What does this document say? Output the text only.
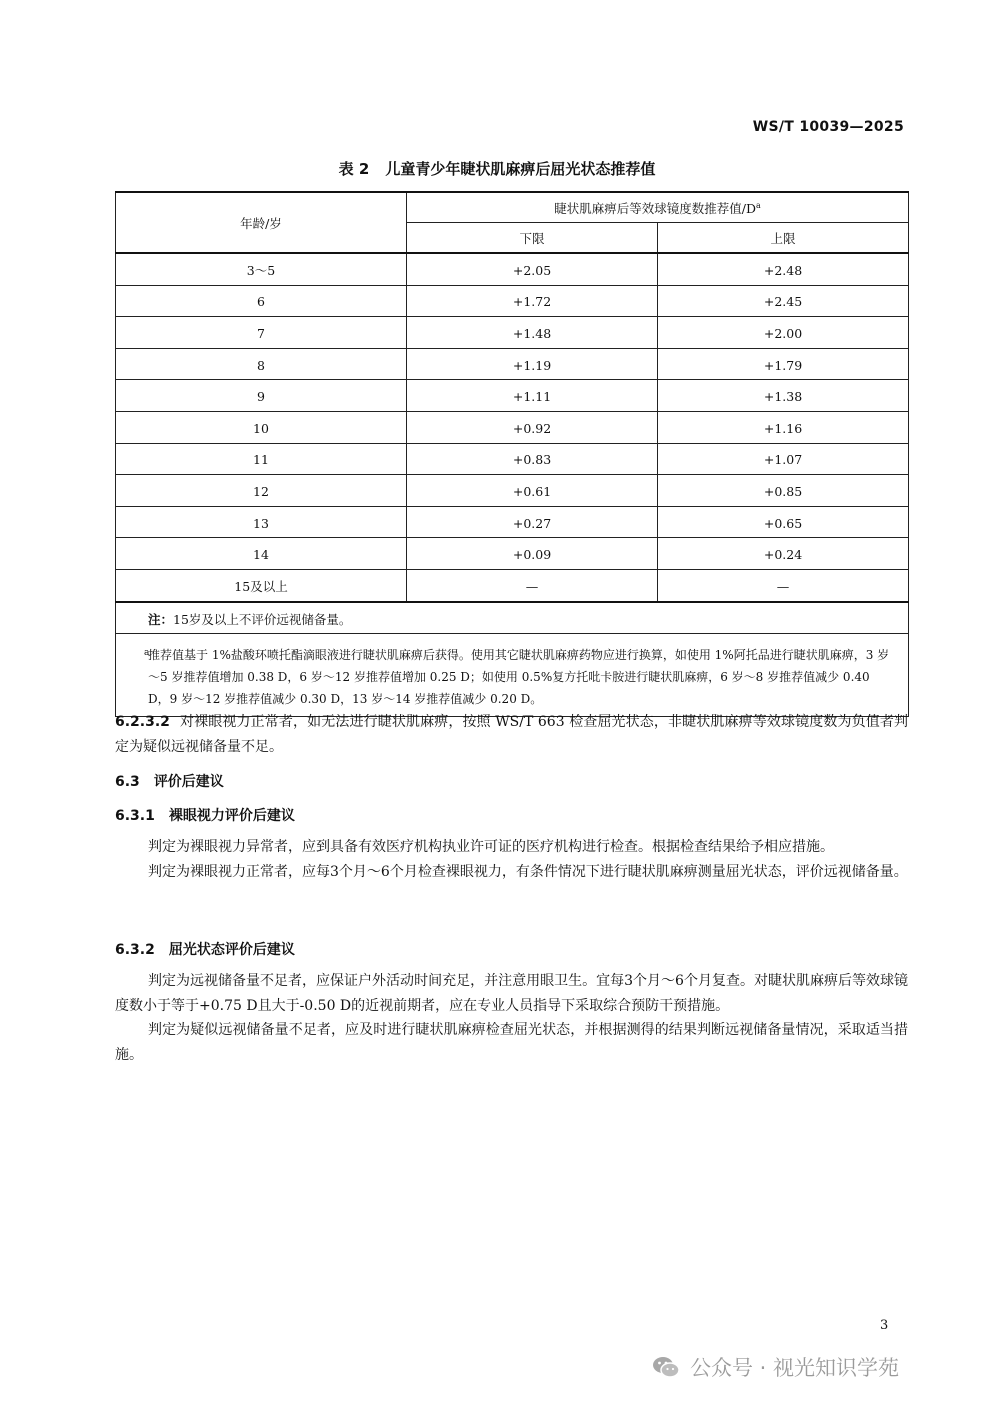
WS/T 10039—2025
表 2 儿童青少年睫状肌麻痹后屈光状态推荐值
年龄/岁	睫状肌麻痹后等效球镜度数推荐值$/D^a$
	下限	上限
3～5	+2.05	+2.48
6	+1.72	+2.45
7	+1.48	+2.00
8	+1.19	+1.79
9	+1.11	+1.38
10	+0.92	+1.16
11	+0.83	+1.07
12	+0.61	+0.85
13	+0.27	+0.65
14	+0.09	+0.24
15及以上	—	—
注：15岁及以上不评价远视储备量。		

a
推荐值基于 1%盐酸环喷托酯滴眼液进行睫状肌麻痹后获得。使用其它睫状肌麻痹药物应进行换算，如使用 1%阿托品进行睫状肌麻痹，3 岁～5 岁推荐值增加 0.38 D，6 岁～12 岁推荐值增加 0.25 D；如使用 0.5%复方托吡卡胺进行睫状肌麻痹，6 岁～8 岁推荐值减少 0.40 D，9 岁～12 岁推荐值减少 0.30 D，13 岁～14 岁推荐值减少 0.20 D。		

6.2.3.2 对裸眼视力正常者，如无法进行睫状肌麻痹，按照 WS/T 663 检查屈光状态，非睫状肌麻痹等效球镜度数为负值者判定为疑似远视储备量不足。

6.3 评价后建议
6.3.1 裸眼视力评价后建议

判定为裸眼视力异常者，应到具备有效医疗机构执业许可证的医疗机构进行检查。根据检查结果给予相应措施。

判定为裸眼视力正常者，应每3个月～6个月检查裸眼视力，有条件情况下进行睫状肌麻痹测量屈光状态，评价远视储备量。

6.3.2 屈光状态评价后建议

判定为远视储备量不足者，应保证户外活动时间充足，并注意用眼卫生。宜每3个月～6个月复查。对睫状肌麻痹后等效球镜度数小于等于+0.75 D且大于-0.50 D的近视前期者，应在专业人员指导下采取综合预防干预措施。

判定为疑似远视储备量不足者，应及时进行睫状肌麻痹检查屈光状态，并根据测得的结果判断远视储备量情况，采取适当措施。

3
公众号 · 视光知识学苑
